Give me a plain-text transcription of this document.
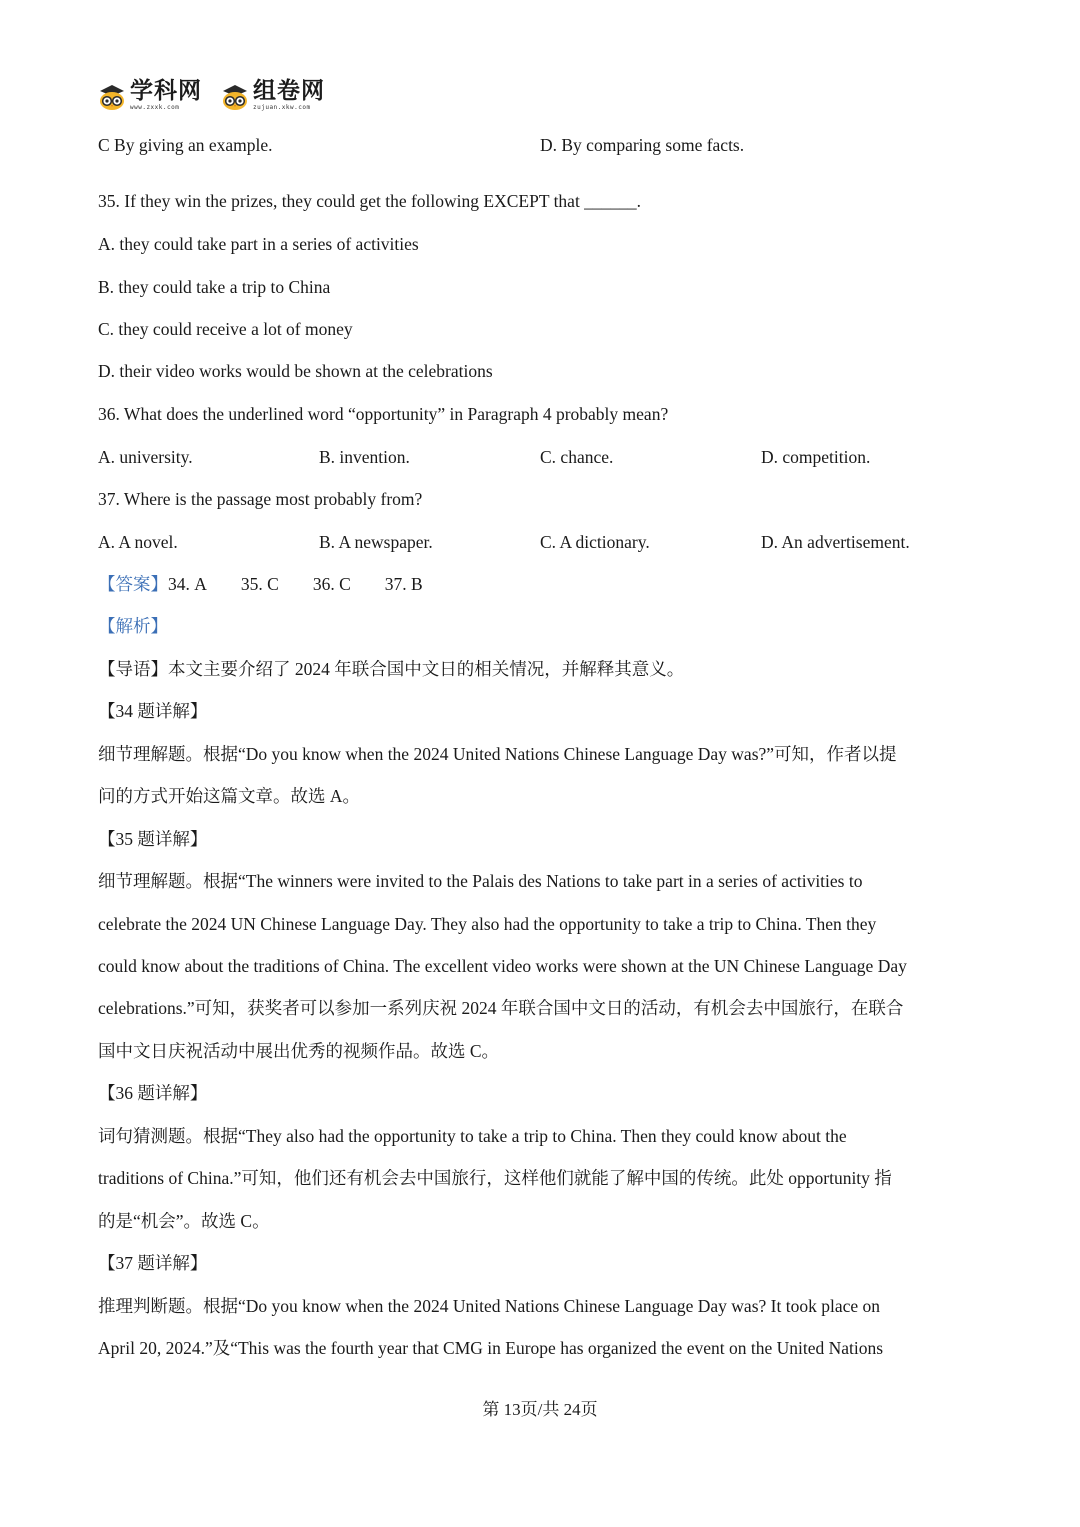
学科网
www.zxxk.com
组卷网
zujuan.xkw.com
C By giving an example.	D. By comparing some facts.
35. If they win the prizes, they could get the following EXCEPT that ______.
A. they could take part in a series of activities
B. they could take a trip to China
C. they could receive a lot of money
D. their video works would be shown at the celebrations
36. What does the underlined word “opportunity” in Paragraph 4 probably mean?
A. university.	B. invention.	C. chance.	D. competition.
37. Where is the passage most probably from?
A. A novel.	B. A newspaper.	C. A dictionary.	D. An advertisement.
【答案】34. A 35. C 36. C 37. B
【解析】
【导语】本文主要介绍了 2024 年联合国中文日的相关情况，并解释其意义。
【34 题详解】
细节理解题。根据“Do you know when the 2024 United Nations Chinese Language Day was?”可知，作者以提
问的方式开始这篇文章。故选 A。
【35 题详解】
细节理解题。根据“The winners were invited to the Palais des Nations to take part in a series of activities to
celebrate the 2024 UN Chinese Language Day. They also had the opportunity to take a trip to China. Then they
could know about the traditions of China. The excellent video works were shown at the UN Chinese Language Day
celebrations.”可知，获奖者可以参加一系列庆祝 2024 年联合国中文日的活动，有机会去中国旅行，在联合
国中文日庆祝活动中展出优秀的视频作品。故选 C。
【36 题详解】
词句猜测题。根据“They also had the opportunity to take a trip to China. Then they could know about the
traditions of China.”可知，他们还有机会去中国旅行，这样他们就能了解中国的传统。此处 opportunity 指
的是“机会”。故选 C。
【37 题详解】
推理判断题。根据“Do you know when the 2024 United Nations Chinese Language Day was? It took place on
April 20, 2024.”及“This was the fourth year that CMG in Europe has organized the event on the United Nations
第 13页/共 24页
